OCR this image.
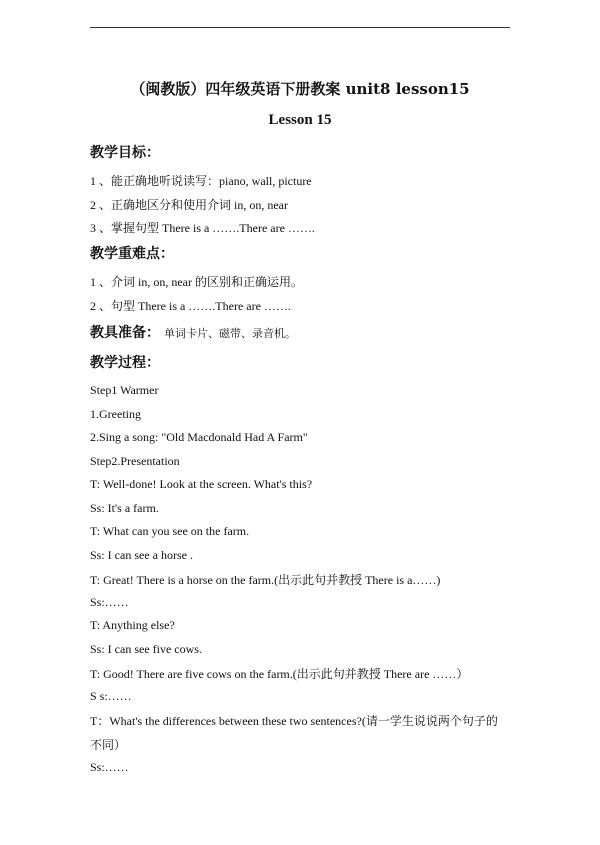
（闽教版）四年级英语下册教案 unit8 lesson15
Lesson 15
教学目标：
1 、能正确地听说读写：piano, wall, picture
2 、正确地区分和使用介词 in, on, near
3 、掌握句型 There is a …….There are …….
教学重难点：
1 、介词 in, on, near 的区别和正确运用。
2 、句型 There is a …….There are …….
教具准备： 单词卡片、磁带、录音机。
教学过程：
Step1 Warmer
1.Greeting
2.Sing a song: "Old Macdonald Had A Farm"
Step2.Presentation
T: Well-done! Look at the screen. What's this?
Ss: It's a farm.
T: What can you see on the farm.
Ss: I can see a horse .
T: Great! There is a horse on the farm.(出示此句并教授 There is a……)
Ss:……
T: Anything else?
Ss: I can see five cows.
T: Good! There are five cows on the farm.(出示此句并教授 There are ……）
S s:……
T：What's the differences between these two sentences?(请一学生说说两个句子的
不同）
Ss:……
